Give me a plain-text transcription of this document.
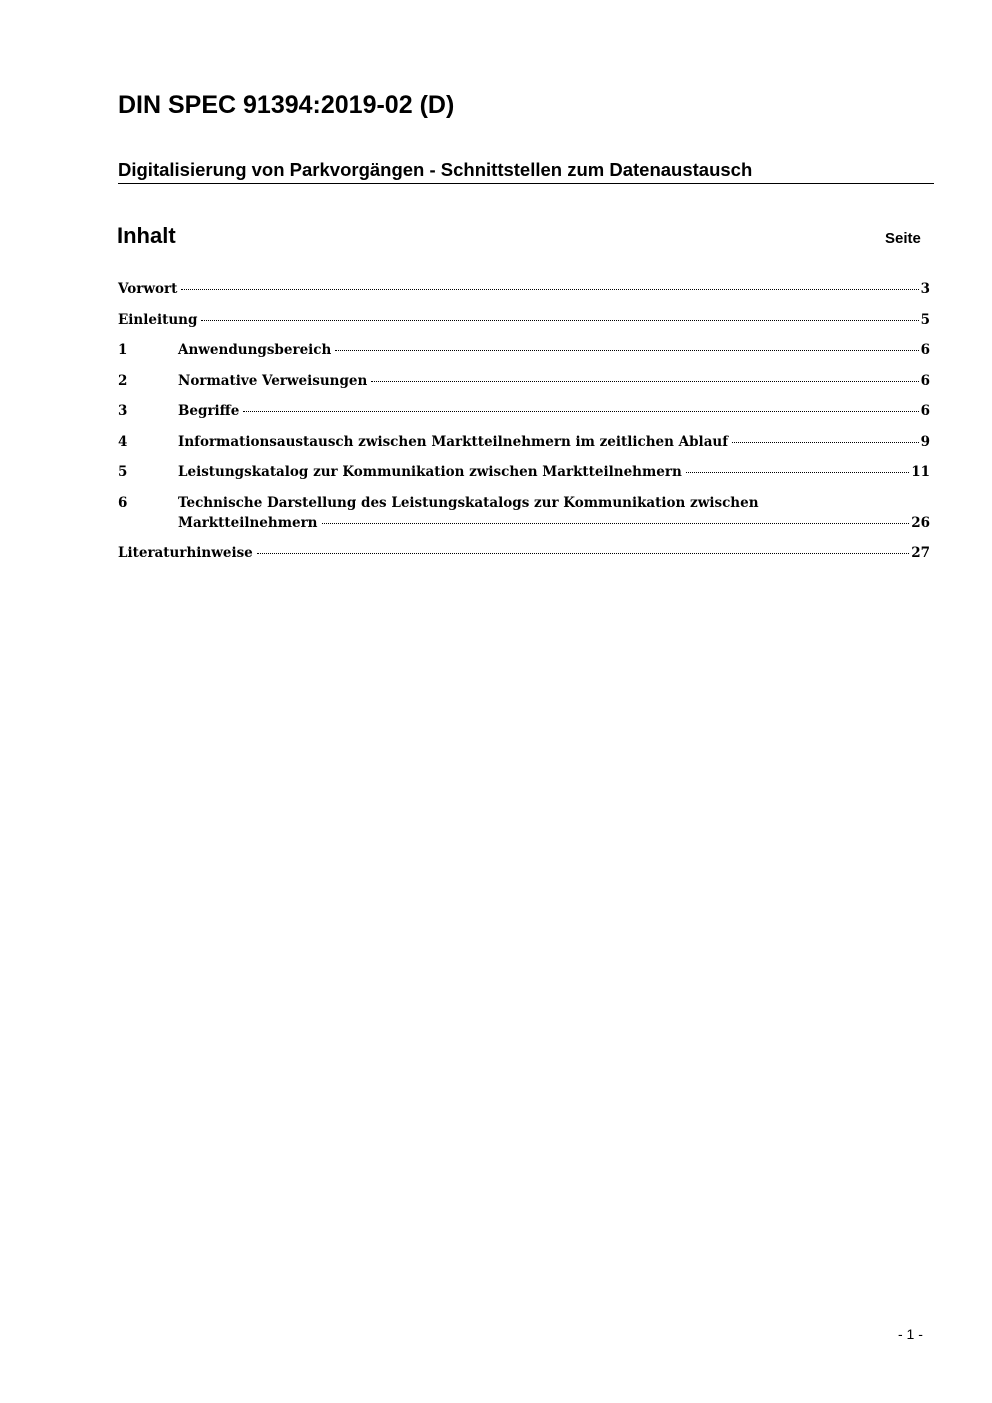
DIN SPEC 91394:2019-02 (D)
Digitalisierung von Parkvorgängen - Schnittstellen zum Datenaustausch
Inhalt	Seite
Vorwort	3
Einleitung	5
1	Anwendungsbereich	6
2	Normative Verweisungen	6
3	Begriffe	6
4	Informationsaustausch zwischen Marktteilnehmern im zeitlichen Ablauf	9
5	Leistungskatalog zur Kommunikation zwischen Marktteilnehmern	11
6	Technische Darstellung des Leistungskatalogs zur Kommunikation zwischen
Marktteilnehmern	26
Literaturhinweise	27
- 1 -
